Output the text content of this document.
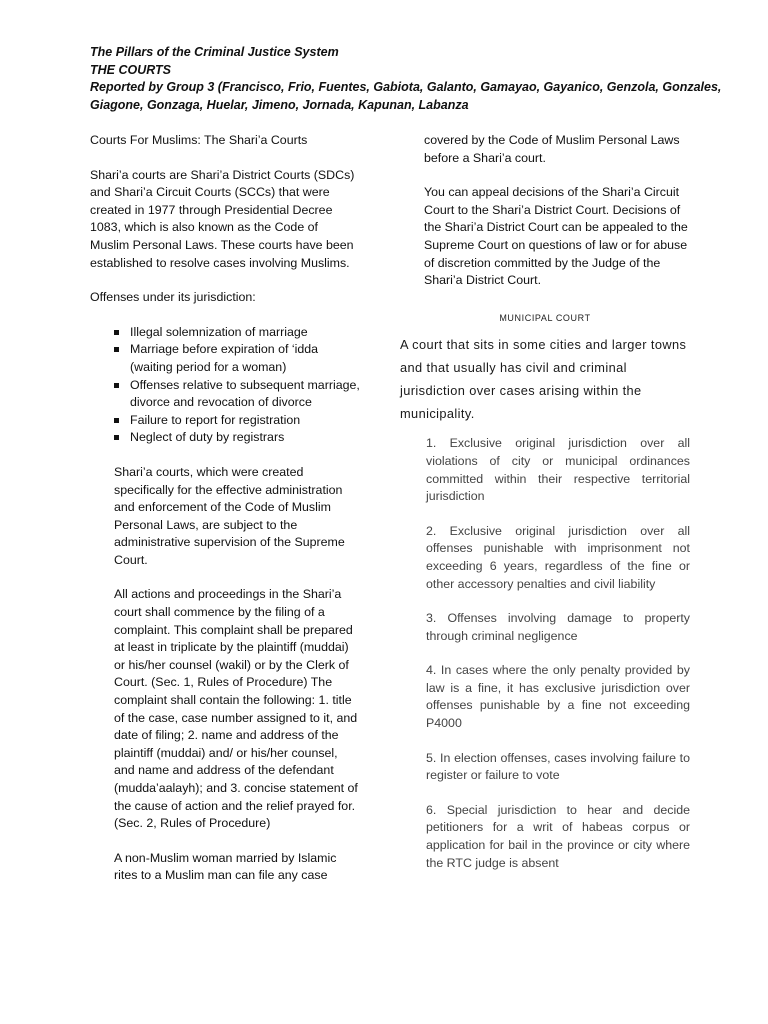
The Pillars of the Criminal Justice System
THE COURTS
Reported by Group 3 (Francisco, Frio, Fuentes, Gabiota, Galanto, Gamayao, Gayanico, Genzola, Gonzales, Giagone, Gonzaga, Huelar, Jimeno, Jornada, Kapunan, Labanza

Courts For Muslims: The Shari’a Courts

Shari’a courts are Shari’a District Courts (SDCs) and Shari’a Circuit Courts (SCCs) that were created in 1977 through Presidential Decree 1083, which is also known as the Code of Muslim Personal Laws. These courts have been established to resolve cases involving Muslims.

Offenses under its jurisdiction:

Illegal solemnization of marriage
Marriage before expiration of ‘idda (waiting period for a woman)
Offenses relative to subsequent marriage, divorce and revocation of divorce
Failure to report for registration
Neglect of duty by registrars

Shari’a courts, which were created specifically for the effective administration and enforcement of the Code of Muslim Personal Laws, are subject to the administrative supervision of the Supreme Court.

All actions and proceedings in the Shari’a court shall commence by the filing of a complaint. This complaint shall be prepared at least in triplicate by the plaintiff (muddai) or his/her counsel (wakil) or by the Clerk of Court. (Sec. 1, Rules of Procedure) The complaint shall contain the following: 1. title of the case, case number assigned to it, and date of filing; 2. name and address of the plaintiff (muddai) and/ or his/her counsel, and name and address of the defendant (mudda’aalayh); and 3. concise statement of the cause of action and the relief prayed for. (Sec. 2, Rules of Procedure)

A non-Muslim woman married by Islamic rites to a Muslim man can file any case

covered by the Code of Muslim Personal Laws before a Shari’a court.

You can appeal decisions of the Shari’a Circuit Court to the Shari’a District Court. Decisions of the Shari’a District Court can be appealed to the Supreme Court on questions of law or for abuse of discretion committed by the Judge of the Shari’a District Court.

MUNICIPAL COURT

A court that sits in some cities and larger towns and that usually has civil and criminal jurisdiction over cases arising within the municipality.

1. Exclusive original jurisdiction over all violations of city or municipal ordinances committed within their respective territorial jurisdiction
2. Exclusive original jurisdiction over all offenses punishable with imprisonment not exceeding 6 years, regardless of the fine or other accessory penalties and civil liability
3. Offenses involving damage to property through criminal negligence
4. In cases where the only penalty provided by law is a fine, it has exclusive jurisdiction over offenses punishable by a fine not exceeding P4000
5. In election offenses, cases involving failure to register or failure to vote
6. Special jurisdiction to hear and decide petitioners for a writ of habeas corpus or application for bail in the province or city where the RTC judge is absent
